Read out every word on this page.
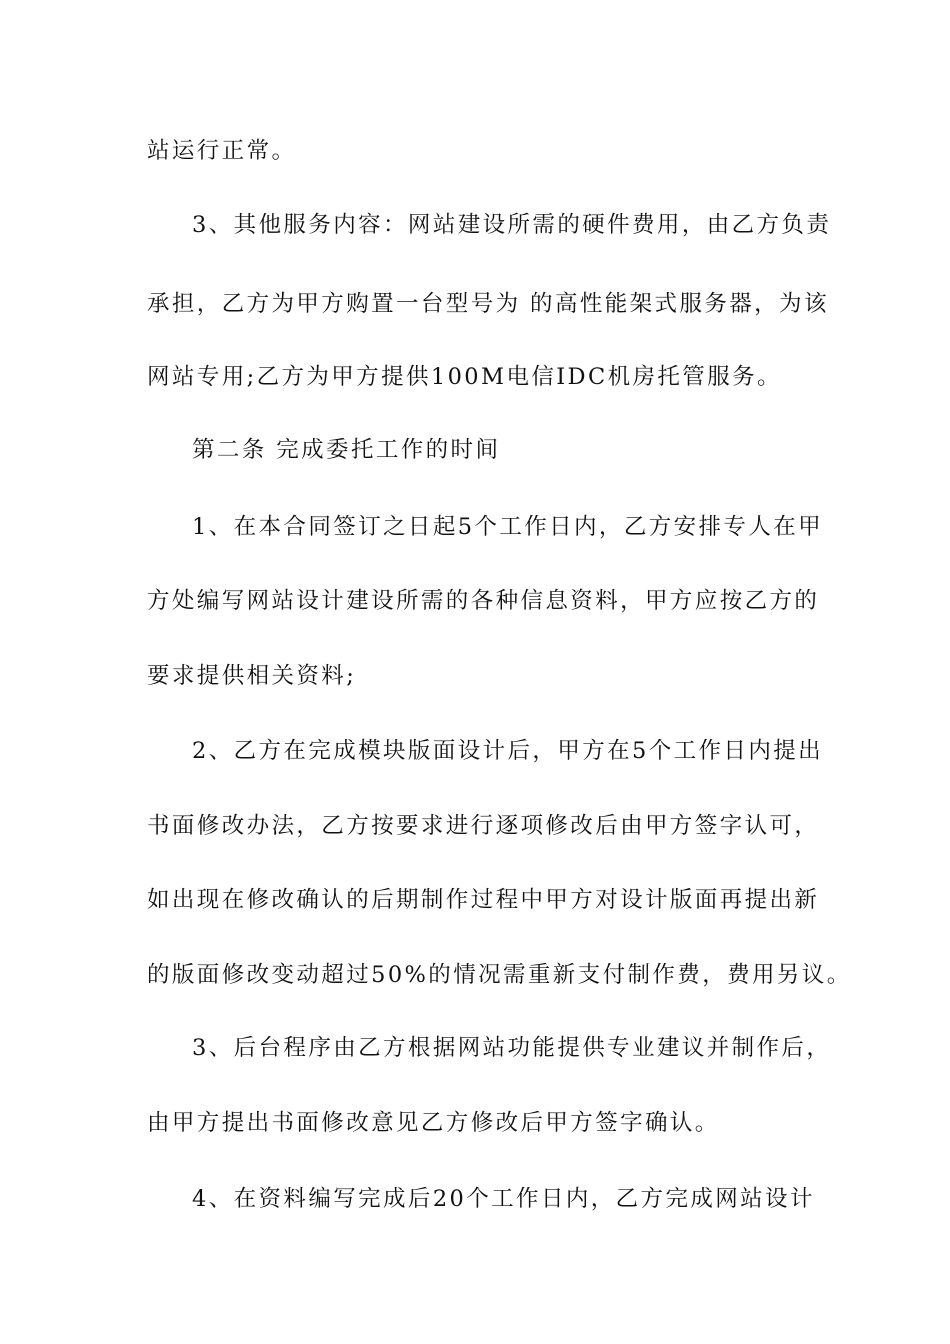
站运行正常。
3、其他服务内容：网站建设所需的硬件费用，由乙方负责
承担，乙方为甲方购置一台型号为 的高性能架式服务器，为该
网站专用;乙方为甲方提供100M电信IDC机房托管服务。
第二条 完成委托工作的时间
1、在本合同签订之日起5个工作日内，乙方安排专人在甲
方处编写网站设计建设所需的各种信息资料，甲方应按乙方的
要求提供相关资料;
2、乙方在完成模块版面设计后，甲方在5个工作日内提出
书面修改办法，乙方按要求进行逐项修改后由甲方签字认可，
如出现在修改确认的后期制作过程中甲方对设计版面再提出新
的版面修改变动超过50%的情况需重新支付制作费，费用另议。
3、后台程序由乙方根据网站功能提供专业建议并制作后，
由甲方提出书面修改意见乙方修改后甲方签字确认。
4、在资料编写完成后20个工作日内，乙方完成网站设计
